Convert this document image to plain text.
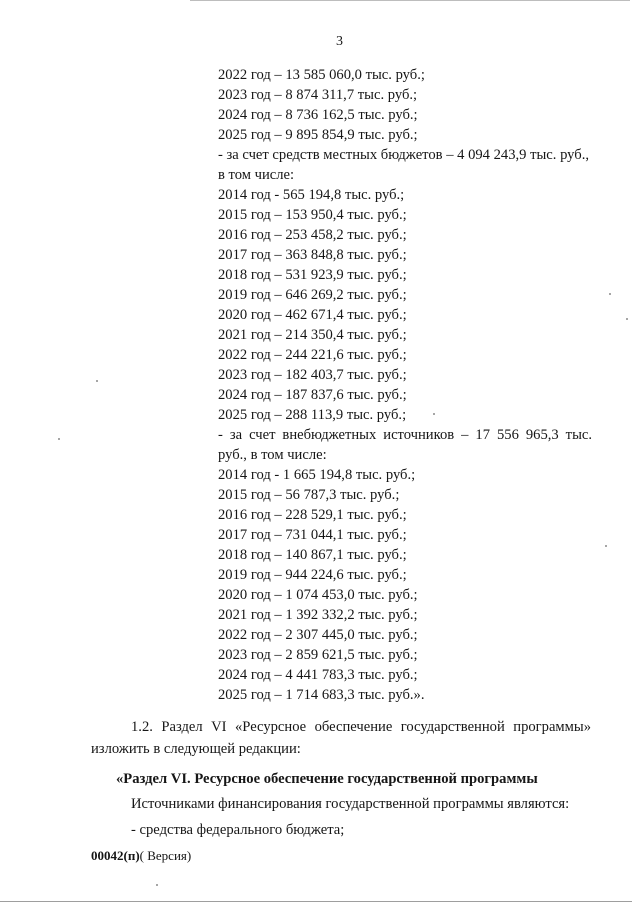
3
2022 год – 13 585 060,0 тыс. руб.;
2023 год – 8 874 311,7 тыс. руб.;
2024 год – 8 736 162,5 тыс. руб.;
2025 год – 9 895 854,9 тыс. руб.;
- за счет средств местных бюджетов – 4 094 243,9 тыс. руб.,
в том числе:
2014 год - 565 194,8 тыс. руб.;
2015 год – 153 950,4 тыс. руб.;
2016 год – 253 458,2 тыс. руб.;
2017 год – 363 848,8 тыс. руб.;
2018 год – 531 923,9 тыс. руб.;
2019 год – 646 269,2 тыс. руб.;
2020 год – 462 671,4 тыс. руб.;
2021 год – 214 350,4 тыс. руб.;
2022 год – 244 221,6 тыс. руб.;
2023 год – 182 403,7 тыс. руб.;
2024 год – 187 837,6 тыс. руб.;
2025 год – 288 113,9 тыс. руб.;
- за счет внебюджетных источников – 17 556 965,3 тыс.
руб., в том числе:
2014 год - 1 665 194,8 тыс. руб.;
2015 год – 56 787,3 тыс. руб.;
2016 год – 228 529,1 тыс. руб.;
2017 год – 731 044,1 тыс. руб.;
2018 год – 140 867,1 тыс. руб.;
2019 год – 944 224,6 тыс. руб.;
2020 год – 1 074 453,0 тыс. руб.;
2021 год – 1 392 332,2 тыс. руб.;
2022 год – 2 307 445,0 тыс. руб.;
2023 год – 2 859 621,5 тыс. руб.;
2024 год – 4 441 783,3 тыс. руб.;
2025 год – 1 714 683,3 тыс. руб.».
1.2. Раздел VI «Ресурсное обеспечение государственной программы»
изложить в следующей редакции:
«Раздел VI. Ресурсное обеспечение государственной программы
Источниками финансирования государственной программы являются:
- средства федерального бюджета;
00042(п)( Версия)
